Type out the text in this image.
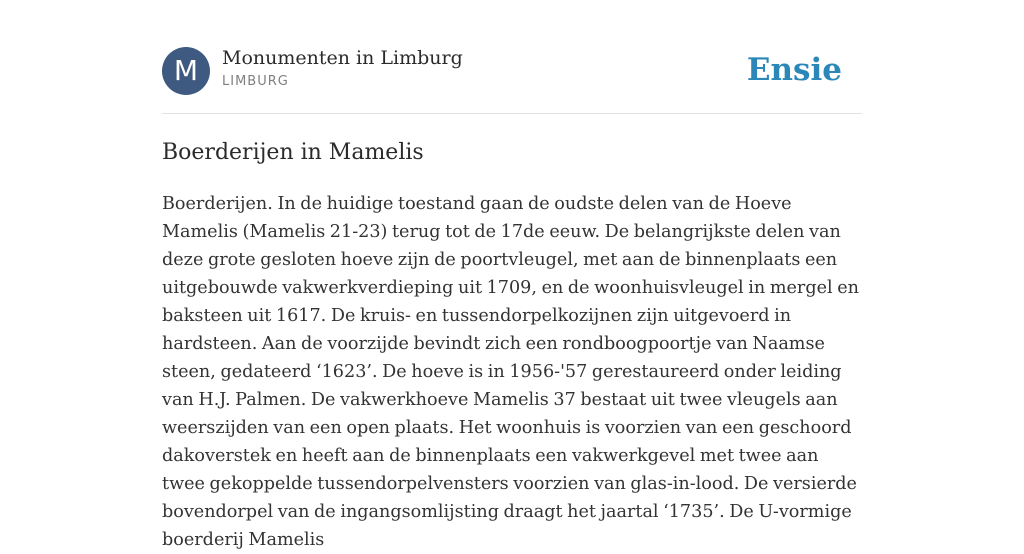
M	Monumenten in Limburg
LIMBURG	Ensie
Boerderijen in Mamelis

Boerderijen. In de huidige toestand gaan de oudste delen van de Hoeve Mamelis (Mamelis 21-23) terug tot de 17de eeuw. De belangrijkste delen van deze grote gesloten hoeve zijn de poortvleugel, met aan de binnenplaats een uitgebouwde vakwerkverdieping uit 1709, en de woonhuisvleugel in mergel en baksteen uit 1617. De kruis- en tussendorpelkozijnen zijn uitgevoerd in hardsteen. Aan de voorzijde bevindt zich een rondboogpoortje van Naamse steen, gedateerd ‘1623’. De hoeve is in 1956-'57 gerestaureerd onder leiding van H.J. Palmen. De vakwerkhoeve Mamelis 37 bestaat uit twee vleugels aan weerszijden van een open plaats. Het woonhuis is voorzien van een geschoord dakoverstek en heeft aan de binnenplaats een vakwerkgevel met twee aan twee gekoppelde tussendorpelvensters voorzien van glas-in-lood. De versierde bovendorpel van de ingangsomlijsting draagt het jaartal ‘1735’. De U-vormige boerderij Mamelis
